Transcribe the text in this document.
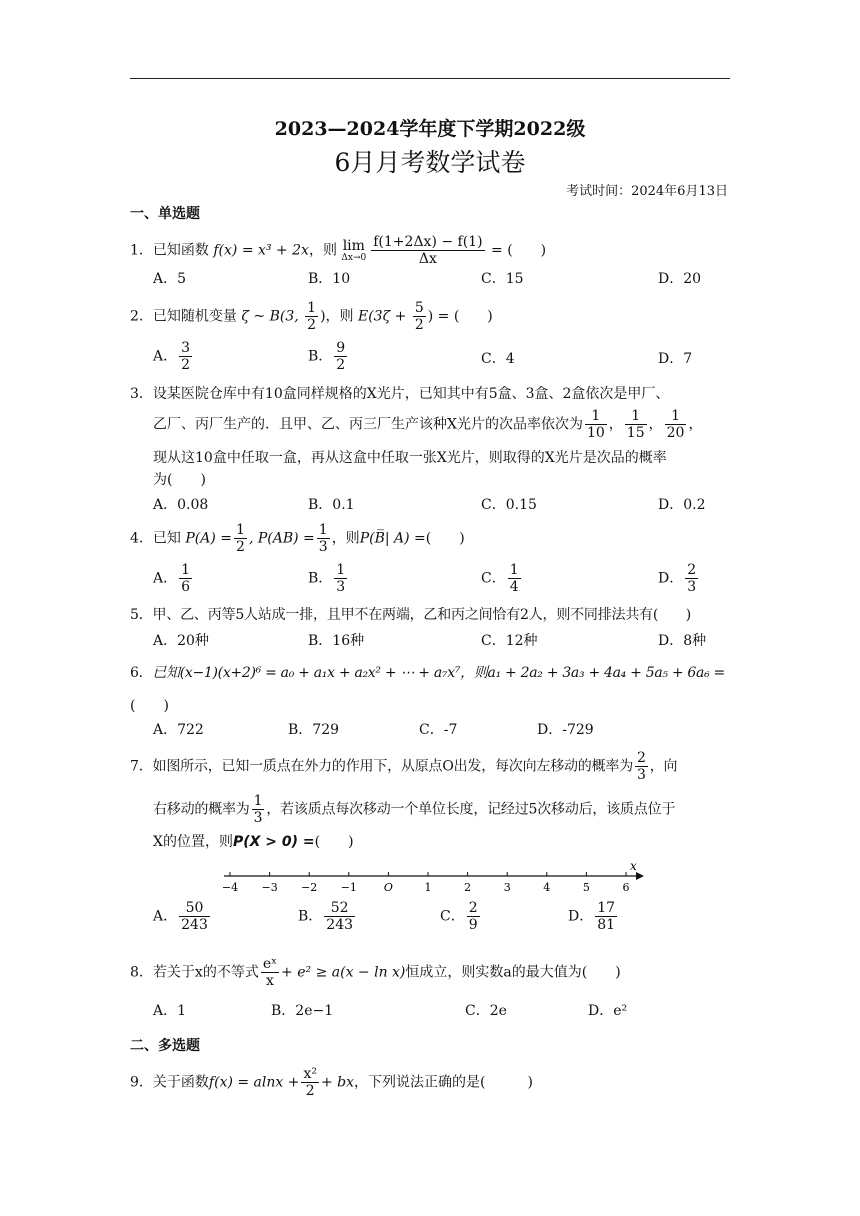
2023—2024学年度下学期2022级
6月月考数学试卷
考试时间：2024年6月13日
一、单选题
1．已知函数 f(x) = x³ + 2x，则 lim
$\Delta x\to 0 \frac{f(1+2\Delta x) - f(1)}{\Delta x}$ = (　　)
A．5	B．10	C．15	D．20
2．已知随机变量 ζ ~ B(3, $\frac{1}{2}$ )，则 $E(3\zeta + \frac{5}{2}$ ) = (　　)
A． $\frac{3}{2}$	B． $\frac{9}{2}$	C．4	D．7
3．设某医院仓库中有10盒同样规格的X光片，已知其中有5盒、3盒、2盒依次是甲厂、
乙厂、丙厂生产的．且甲、乙、丙三厂生产该种X光片的次品率依次为 $\frac{1}{10}$ ， $\frac{1}{15}$ ， $\frac{1}{20}$ ，
现从这10盒中任取一盒，再从这盒中任取一张X光片，则取得的X光片是次品的概率
为(　　)
A．0.08	B．0.1	C．0.15	D．0.2
4．已知 $P(A) = \frac{1}{2}$ , $P(AB) = \frac{1}{3}$ ，则P(B̅| A) =(　　)
A． $\frac{1}{6}$	B． $\frac{1}{3}$	C． $\frac{1}{4}$	D． $\frac{2}{3}$
5．甲、乙、丙等5人站成一排，且甲不在两端，乙和丙之间恰有2人，则不同排法共有(　　)
A．20种	B．16种	C．12种	D．8种
6．已知(x−1)(x+2)⁶ = a₀ + a₁x + a₂x² + ⋯ + a₇x⁷，则a₁ + 2a₂ + 3a₃ + 4a₄ + 5a₅ + 6a₆ =
(　　)
A．722	B．729	C．-7	D．-729
7．如图所示，已知一质点在外力的作用下，从原点O出发，每次向左移动的概率为 $\frac{2}{3}$ ，向
右移动的概率为 $\frac{1}{3}$ ，若该质点每次移动一个单位长度，记经过5次移动后，该质点位于
X的位置，则P(X > 0) =(　　)
x
−4 −3 −2 −1 O	1	2	3	4	5	6
A． $\frac{50}{243}$	B． $\frac{52}{243}$	C． $\frac{2}{9}$	D． $\frac{17}{81}$
8．若关于x的不等式 $\frac{\text{eˣ}}{x} + e^2 \ge a(x - \ln x)$恒成立，则实数a的最大值为(　　)
A．1	B．2e−1	C．2e	D．e²
二、多选题
9．关于函数$f(x) = alnx + \frac{\text{x²}}{2}$ + bx，下列说法正确的是(　　　)
